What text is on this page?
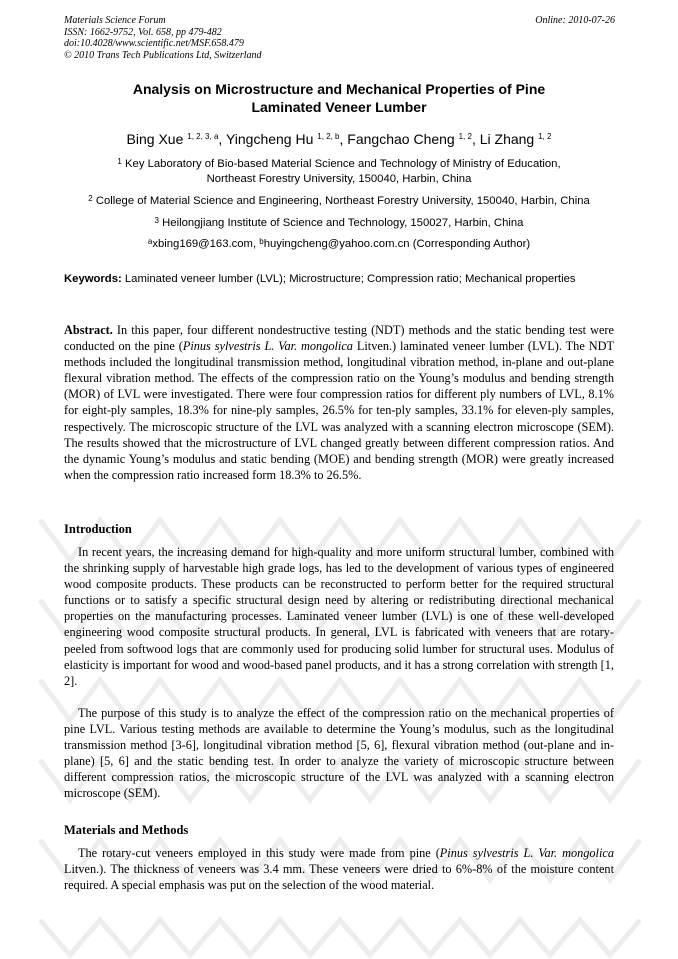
Materials Science Forum
ISSN: 1662-9752, Vol. 658, pp 479-482
doi:10.4028/www.scientific.net/MSF.658.479
© 2010 Trans Tech Publications Ltd, Switzerland
Online: 2010-07-26
Analysis on Microstructure and Mechanical Properties of Pine
Laminated Veneer Lumber
Bing Xue $^{1, 2, 3, a}$, Yingcheng Hu $^{1, 2, b}$, Fangchao Cheng $^{1, 2}$, Li Zhang $^{1, 2}$
$^1$ Key Laboratory of Bio-based Material Science and Technology of Ministry of Education,
Northeast Forestry University, 150040, Harbin, China
$^2$ College of Material Science and Engineering, Northeast Forestry University, 150040, Harbin, China
$^3$ Heilongjiang Institute of Science and Technology, 150027, Harbin, China
$^a$xbing169@163.com, $^b$huyingcheng@yahoo.com.cn (Corresponding Author)
Keywords: Laminated veneer lumber (LVL); Microstructure; Compression ratio; Mechanical properties
Abstract. In this paper, four different nondestructive testing (NDT) methods and the static bending test were conducted on the pine (Pinus sylvestris L. Var. mongolica Litven.) laminated veneer lumber (LVL). The NDT methods included the longitudinal transmission method, longitudinal vibration method, in-plane and out-plane flexural vibration method. The effects of the compression ratio on the Young’s modulus and bending strength (MOR) of LVL were investigated. There were four compression ratios for different ply numbers of LVL, 8.1% for eight-ply samples, 18.3% for nine-ply samples, 26.5% for ten-ply samples, 33.1% for eleven-ply samples, respectively. The microscopic structure of the LVL was analyzed with a scanning electron microscope (SEM). The results showed that the microstructure of LVL changed greatly between different compression ratios. And the dynamic Young’s modulus and static bending (MOE) and bending strength (MOR) were greatly increased when the compression ratio increased form 18.3% to 26.5%.
Introduction
In recent years, the increasing demand for high-quality and more uniform structural lumber, combined with the shrinking supply of harvestable high grade logs, has led to the development of various types of engineered wood composite products. These products can be reconstructed to perform better for the required structural functions or to satisfy a specific structural design need by altering or redistributing directional mechanical properties on the manufacturing processes. Laminated veneer lumber (LVL) is one of these well-developed engineering wood composite structural products. In general, LVL is fabricated with veneers that are rotary-peeled from softwood logs that are commonly used for producing solid lumber for structural uses. Modulus of elasticity is important for wood and wood-based panel products, and it has a strong correlation with strength [1, 2].
The purpose of this study is to analyze the effect of the compression ratio on the mechanical properties of pine LVL. Various testing methods are available to determine the Young’s modulus, such as the longitudinal transmission method [3-6], longitudinal vibration method [5, 6], flexural vibration method (out-plane and in-plane) [5, 6] and the static bending test. In order to analyze the variety of microscopic structure between different compression ratios, the microscopic structure of the LVL was analyzed with a scanning electron microscope (SEM).
Materials and Methods
The rotary-cut veneers employed in this study were made from pine (Pinus sylvestris L. Var. mongolica Litven.). The thickness of veneers was 3.4 mm. These veneers were dried to 6%-8% of the moisture content required. A special emphasis was put on the selection of the wood material.
